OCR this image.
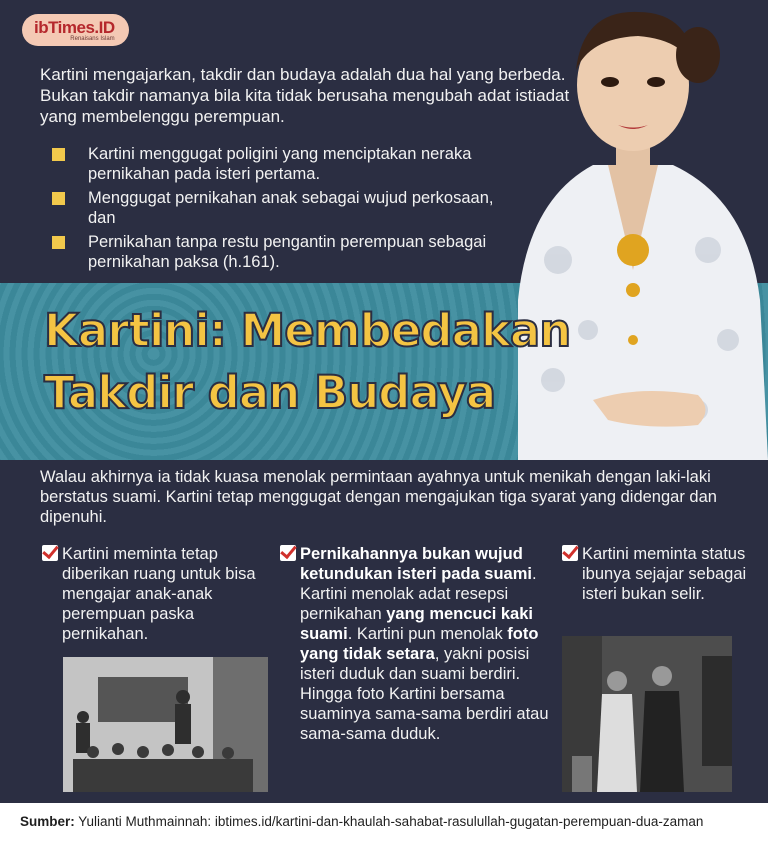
ibTimes.ID
Renaisans Islam

Kartini mengajarkan, takdir dan budaya adalah dua hal yang berbeda. Bukan takdir namanya bila kita tidak berusaha mengubah adat istiadat yang membelenggu perempuan.

Kartini menggugat poligini yang menciptakan neraka pernikahan pada isteri pertama.
Menggugat pernikahan anak sebagai wujud perkosaan, dan
Pernikahan tanpa restu pengantin perempuan sebagai pernikahan paksa (h.161).
Kartini: Membedakan
Takdir dan Budaya

Walau akhirnya ia tidak kuasa menolak permintaan ayahnya untuk menikah dengan laki-laki berstatus suami. Kartini tetap menggugat dengan mengajukan tiga syarat yang didengar dan dipenuhi.

Kartini meminta tetap diberikan ruang untuk bisa mengajar anak-anak perempuan paska pernikahan.

Pernikahannya bukan wujud ketundukan isteri pada suami. Kartini menolak adat resepsi pernikahan yang mencuci kaki suami. Kartini pun menolak foto yang tidak setara, yakni posisi isteri duduk dan suami berdiri. Hingga foto Kartini bersama suaminya sama-sama berdiri atau sama-sama duduk.

Kartini meminta status ibunya sejajar sebagai isteri bukan selir.

Sumber: Yulianti Muthmainnah: ibtimes.id/kartini-dan-khaulah-sahabat-rasulullah-gugatan-perempuan-dua-zaman
